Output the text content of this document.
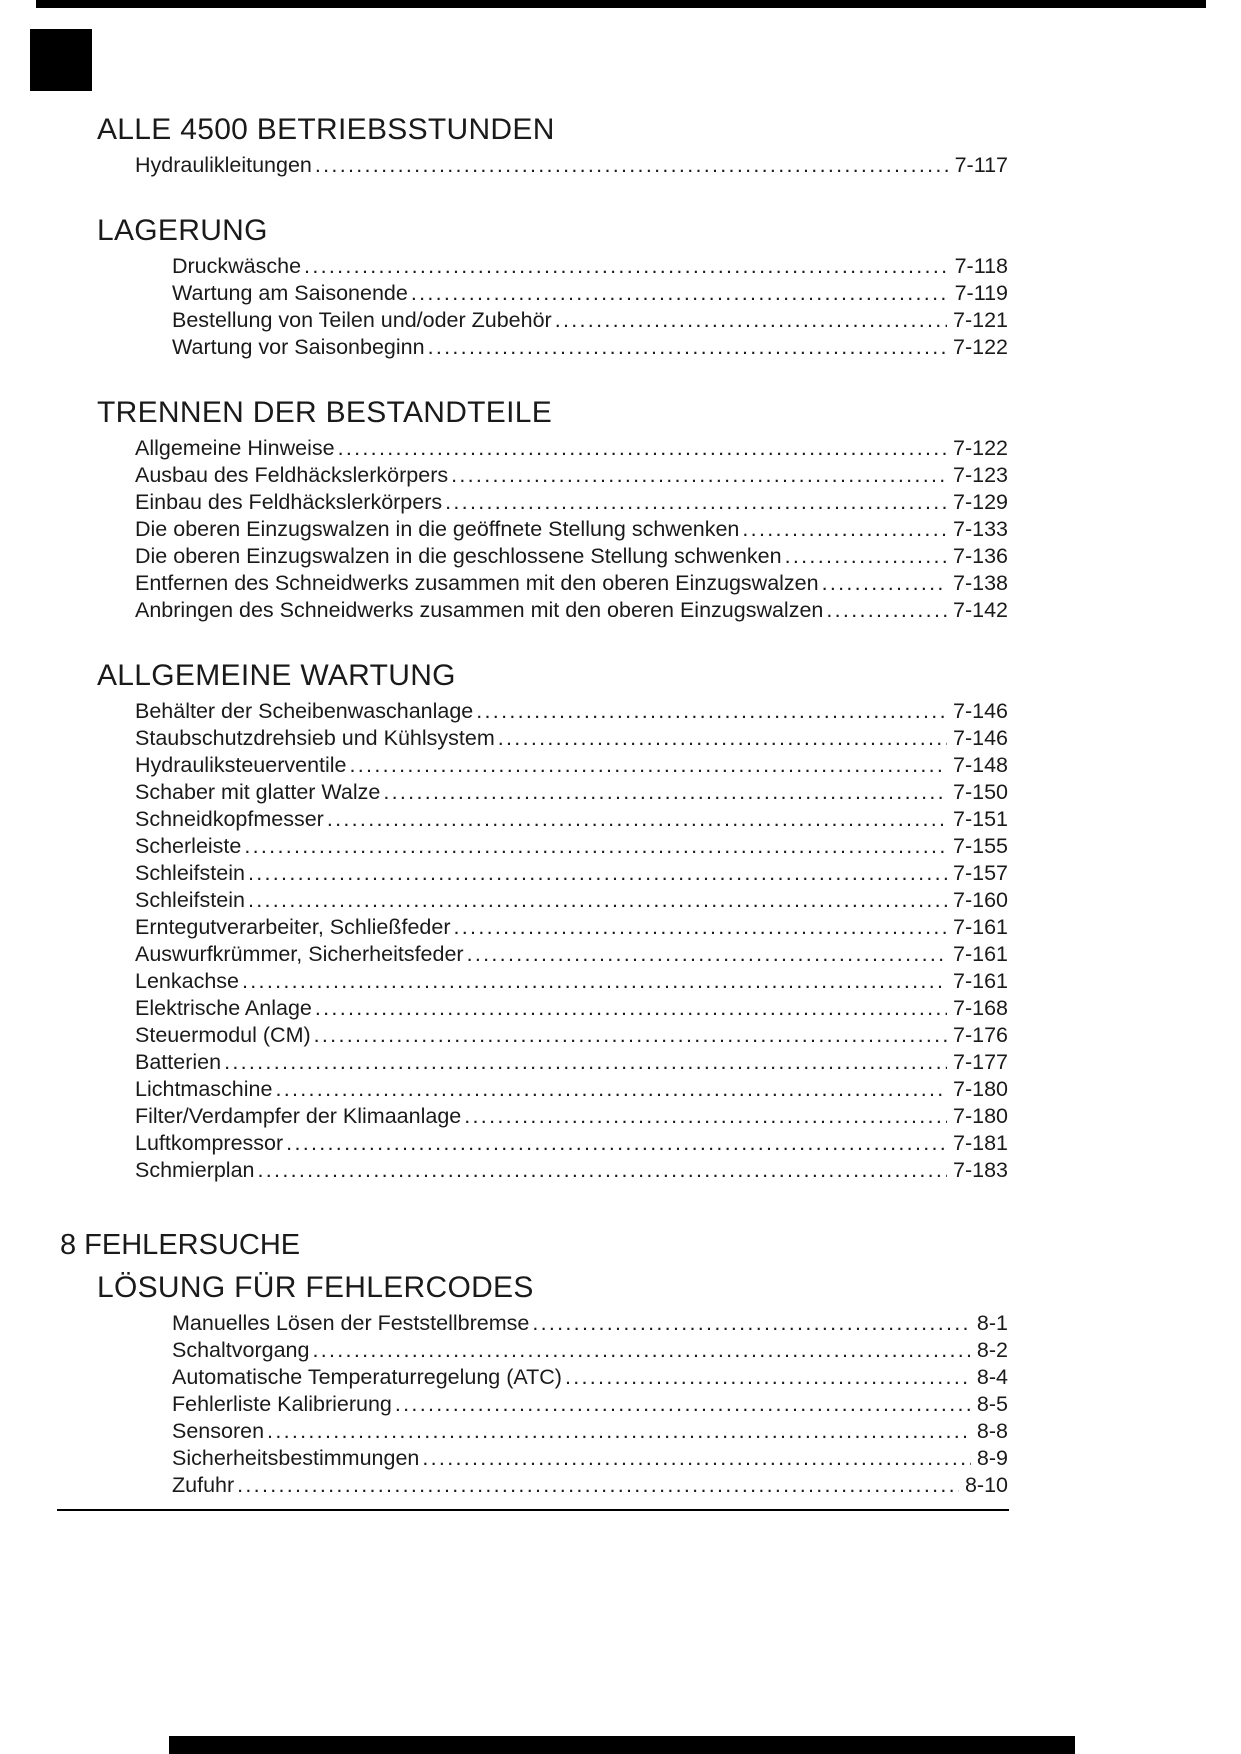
ALLE 4500 BETRIEBSSTUNDEN
Hydraulikleitungen .....	7-117
LAGERUNG
Druckwäsche .....	7-118
Wartung am Saisonende .....	7-119
Bestellung von Teilen und/oder Zubehör .....	7-121
Wartung vor Saisonbeginn .....	7-122
TRENNEN DER BESTANDTEILE
Allgemeine Hinweise .....	7-122
Ausbau des Feldhäckslerkörpers .....	7-123
Einbau des Feldhäckslerkörpers .....	7-129
Die oberen Einzugswalzen in die geöffnete Stellung schwenken .....	7-133
Die oberen Einzugswalzen in die geschlossene Stellung schwenken .....	7-136
Entfernen des Schneidwerks zusammen mit den oberen Einzugswalzen .....	7-138
Anbringen des Schneidwerks zusammen mit den oberen Einzugswalzen .....	7-142
ALLGEMEINE WARTUNG
Behälter der Scheibenwaschanlage .....	7-146
Staubschutzdrehsieb und Kühlsystem .....	7-146
Hydrauliksteuerventile .....	7-148
Schaber mit glatter Walze .....	7-150
Schneidkopfmesser .....	7-151
Scherleiste .....	7-155
Schleifstein .....	7-157
Schleifstein .....	7-160
Erntegutverarbeiter, Schließfeder .....	7-161
Auswurfkrümmer, Sicherheitsfeder .....	7-161
Lenkachse .....	7-161
Elektrische Anlage .....	7-168
Steuermodul (CM) .....	7-176
Batterien .....	7-177
Lichtmaschine .....	7-180
Filter/Verdampfer der Klimaanlage .....	7-180
Luftkompressor .....	7-181
Schmierplan .....	7-183
8 FEHLERSUCHE
LÖSUNG FÜR FEHLERCODES
Manuelles Lösen der Feststellbremse .....	8-1
Schaltvorgang .....	8-2
Automatische Temperaturregelung (ATC) .....	8-4
Fehlerliste Kalibrierung .....	8-5
Sensoren .....	8-8
Sicherheitsbestimmungen .....	8-9
Zufuhr .....	8-10
